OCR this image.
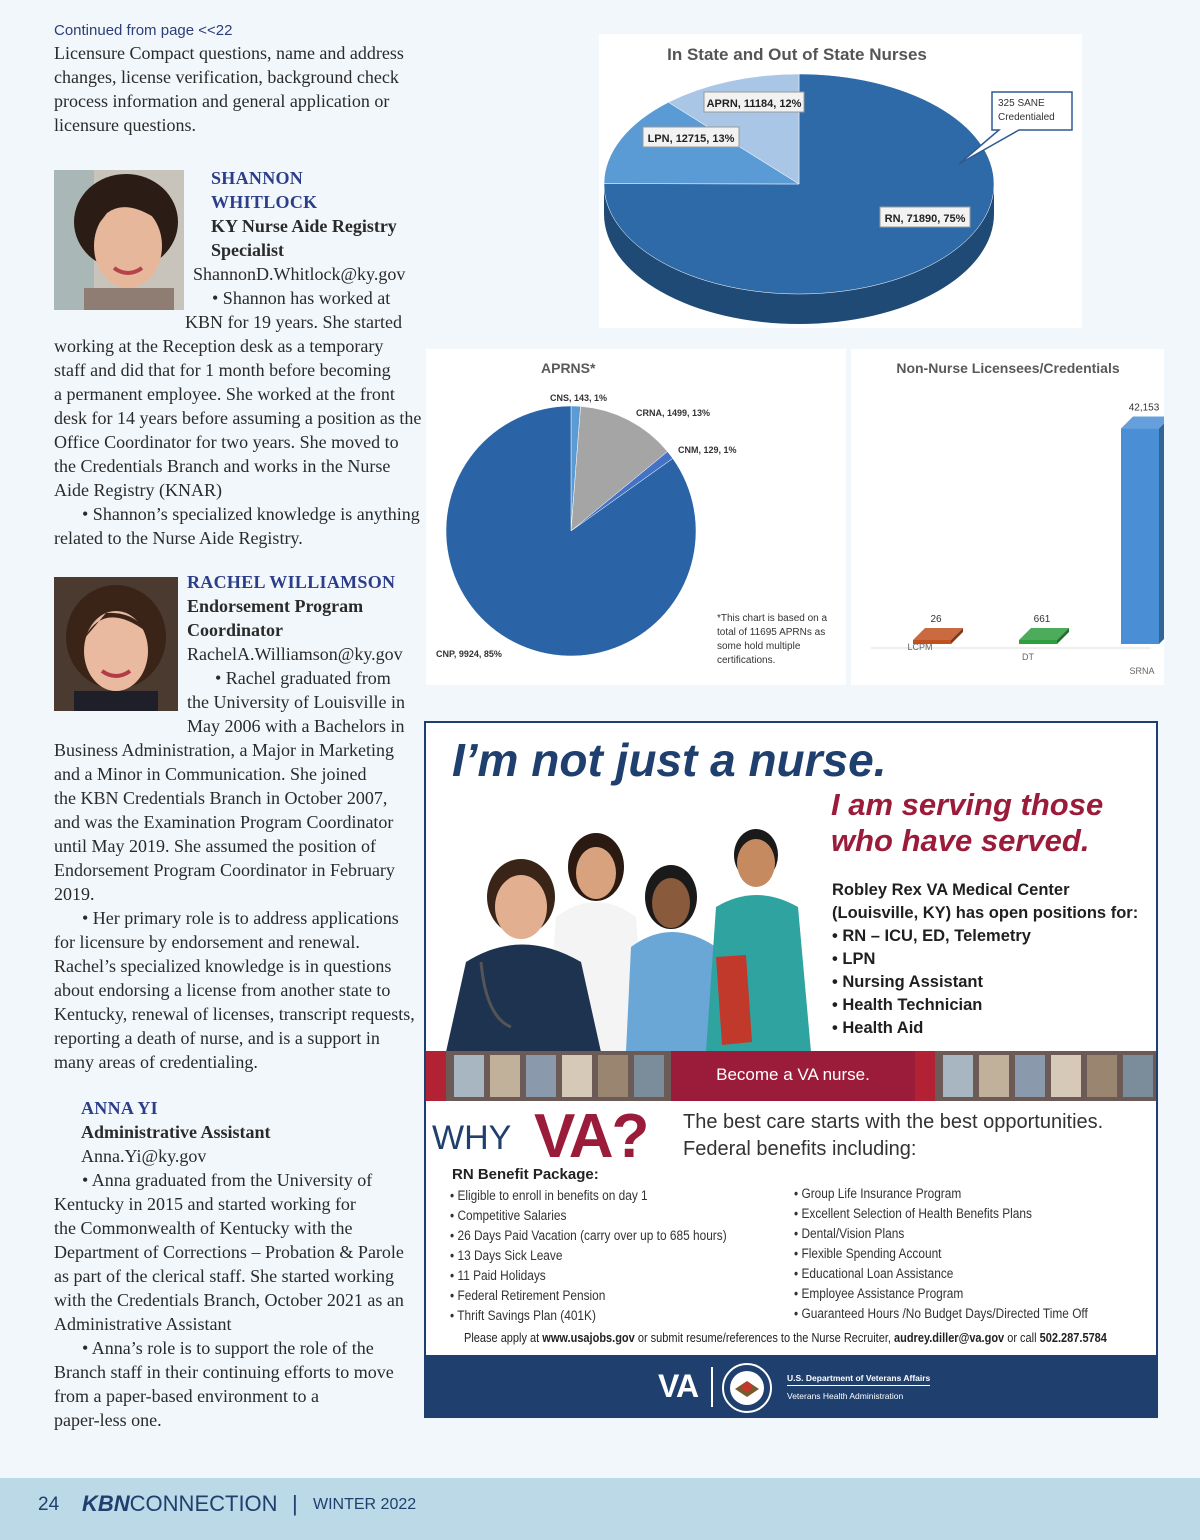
Continued from page <<22
Licensure Compact questions, name and address
changes, license verification, background check
process information and general application or
licensure questions.
SHANNON
WHITLOCK
KY Nurse Aide Registry
Specialist
ShannonD.Whitlock@ky.gov
• Shannon has worked at
KBN for 19 years. She started
working at the Reception desk as a temporary
staff and did that for 1 month before becoming
a permanent employee. She worked at the front
desk for 14 years before assuming a position as the
Office Coordinator for two years. She moved to
the Credentials Branch and works in the Nurse
Aide Registry (KNAR)
• Shannon’s specialized knowledge is anything
related to the Nurse Aide Registry.
RACHEL WILLIAMSON
Endorsement Program
Coordinator
RachelA.Williamson@ky.gov
• Rachel graduated from
the University of Louisville in
May 2006 with a Bachelors in
Business Administration, a Major in Marketing
and a Minor in Communication. She joined
the KBN Credentials Branch in October 2007,
and was the Examination Program Coordinator
until May 2019. She assumed the position of
Endorsement Program Coordinator in February
2019.
• Her primary role is to address applications
for licensure by endorsement and renewal.
Rachel’s specialized knowledge is in questions
about endorsing a license from another state to
Kentucky, renewal of licenses, transcript requests,
reporting a death of nurse, and is a support in
many areas of credentialing.
ANNA YI
Administrative Assistant
Anna.Yi@ky.gov
• Anna graduated from the University of
Kentucky in 2015 and started working for
the Commonwealth of Kentucky with the
Department of Corrections – Probation & Parole
as part of the clerical staff. She started working
with the Credentials Branch, October 2021 as an
Administrative Assistant
• Anna’s role is to support the role of the
Branch staff in their continuing efforts to move
from a paper-based environment to a
paper-less one.
In State and Out of State Nurses
APRN, 11184, 12%
LPN, 12715, 13%
RN, 71890, 75%
325 SANE
Credentialed
APRNS*
CNS, 143, 1%
CRNA, 1499, 13%
CNM, 129, 1%
CNP, 9924, 85%
*This chart is based on a
total of 11695 APRNs as
some hold multiple
certifications.
Non-Nurse Licensees/Credentials
26
LCPM
661
DT
42,153
SRNA
I’m not just a nurse.
I am serving those
who have served.
Robley Rex VA Medical Center
(Louisville, KY) has open positions for:
• RN – ICU, ED, Telemetry
• LPN
• Nursing Assistant
• Health Technician
• Health Aid
Become a VA nurse.
WHY VA? The best care starts with the best opportunities.
Federal benefits including:
RN Benefit Package:
• Eligible to enroll in benefits on day 1
• Competitive Salaries
• 26 Days Paid Vacation (carry over up to 685 hours)
• 13 Days Sick Leave
• 11 Paid Holidays
• Federal Retirement Pension
• Thrift Savings Plan (401K)
• Group Life Insurance Program
• Excellent Selection of Health Benefits Plans
• Dental/Vision Plans
• Flexible Spending Account
• Educational Loan Assistance
• Employee Assistance Program
• Guaranteed Hours /No Budget Days/Directed Time Off
Please apply at www.usajobs.gov or submit resume/references to the Nurse Recruiter, audrey.diller@va.gov or call 502.287.5784
VA	U.S. Department of Veterans Affairs
Veterans Health Administration
24 KBNCONNECTION | WINTER 2022
